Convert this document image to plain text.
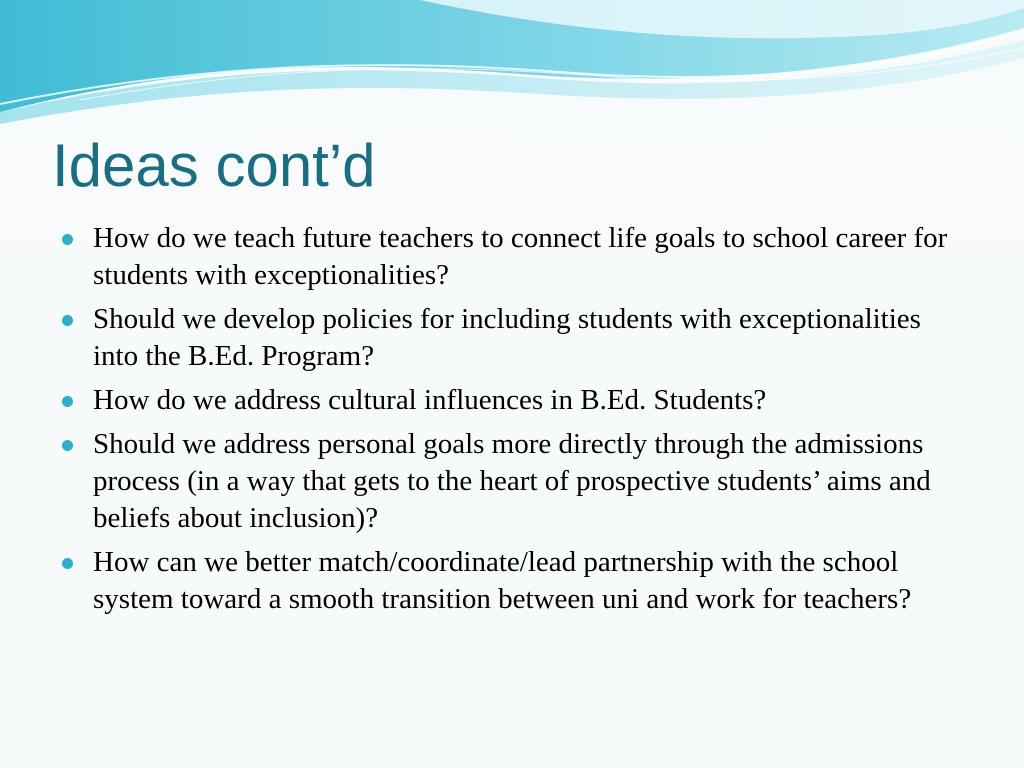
Ideas cont’d
How do we teach future teachers to connect life goals to school career for students with exceptionalities?
Should we develop policies for including students with exceptionalities into the B.Ed. Program?
How do we address cultural influences in B.Ed. Students?
Should we address personal goals more directly through the admissions process (in a way that gets to the heart of prospective students’ aims and beliefs about inclusion)?
How can we better match/coordinate/lead partnership with the school system toward a smooth transition between uni and work for teachers?
